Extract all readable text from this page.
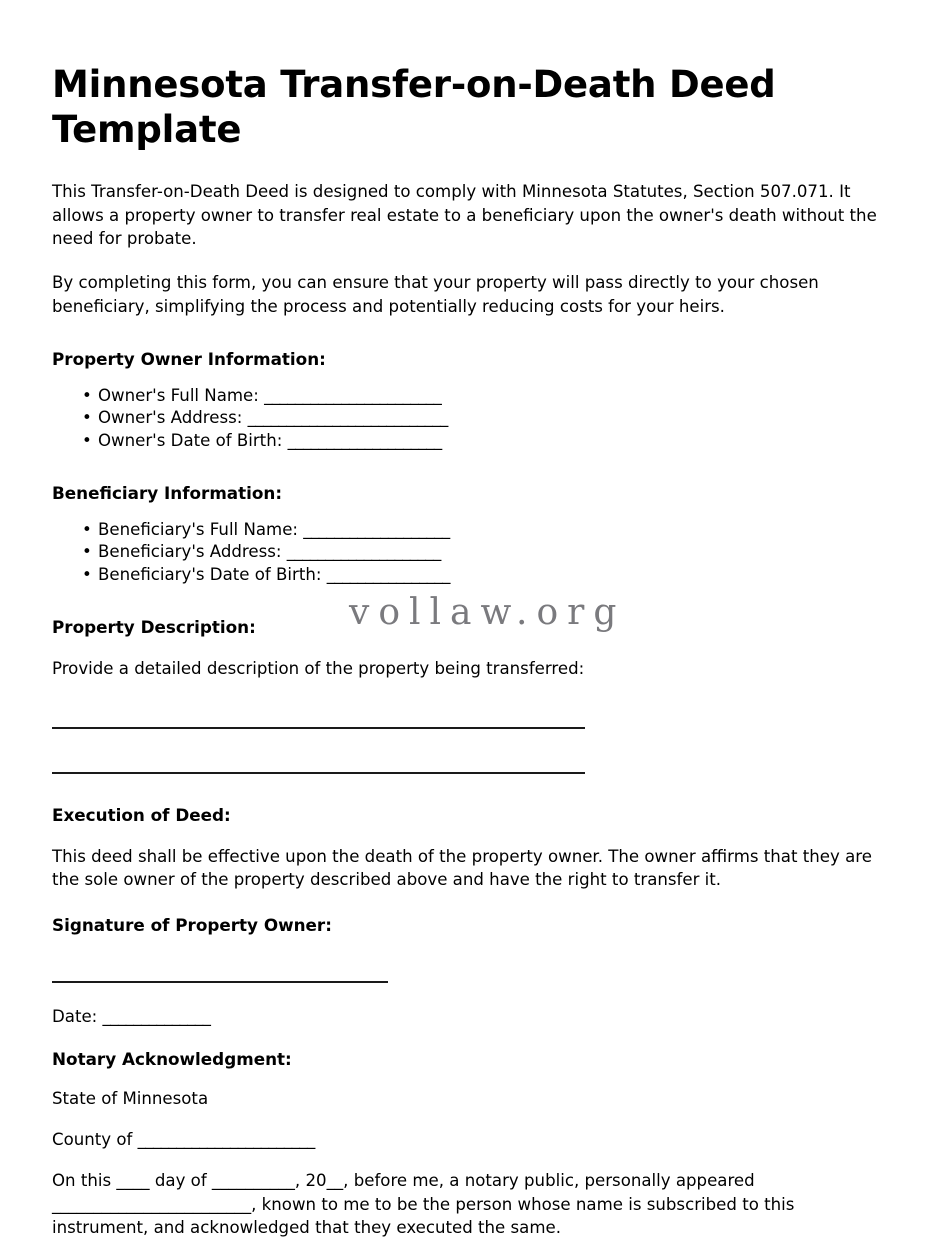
Minnesota Transfer-on-Death Deed Template

This Transfer-on-Death Deed is designed to comply with Minnesota Statutes, Section 507.071. It allows a property owner to transfer real estate to a beneficiary upon the owner's death without the need for probate.

By completing this form, you can ensure that your property will pass directly to your chosen beneficiary, simplifying the process and potentially reducing costs for your heirs.

Property Owner Information:
• Owner's Full Name: _______________________
• Owner's Address: __________________________
• Owner's Date of Birth: ____________________
Beneficiary Information:
• Beneficiary's Full Name: ___________________
• Beneficiary's Address: ____________________
• Beneficiary's Date of Birth: ________________
Property Description:

Provide a detailed description of the property being transferred:

Execution of Deed:

This deed shall be effective upon the death of the property owner. The owner affirms that they are the sole owner of the property described above and have the right to transfer it.

Signature of Property Owner:

Date: ______________

Notary Acknowledgment:

State of Minnesota

County of _______________________

On this ____ day of __________, 20__, before me, a notary public, personally appeared ________________________, known to me to be the person whose name is subscribed to this instrument, and acknowledged that they executed the same.

vollaw.org
